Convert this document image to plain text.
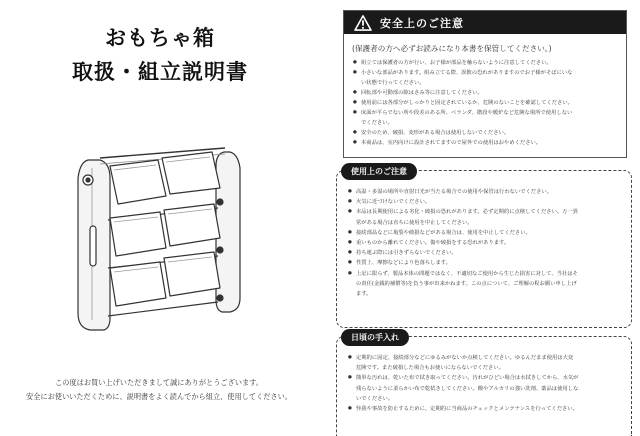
おもちゃ箱
取扱・組立説明書
この度はお買い上げいただきまして誠にありがとうございます。
安全にお使いいただくために、説明書をよく読んでから組立、使用してください。
安全上のご注意
(保護者の方へ必ずお読みになり本書を保管してください。)
● 組立ては保護者の方が行い、お子様が部品を触らないように注意してください。
● 小さいな部品があります。組み立てる際、誤飲の恐れがありますのでお子様がそばにいな
い状態で行ってください。
● 回転部や可動部の隙はさみ等に注意してください。
● 使用前には各部分がしっかりと固定されているか、危険のないことを確認してください。
● 床面が平らでない所や段差のある所、ベランダ、階段や暖炉など危険な場所で使用しない
でください。
● 安全のため、破損、変形がある場合は使用しないでください。
● 本商品は、室内向けに設計されてますので屋外での使用はおやめください。
使用上のご注意
● 高温・多湿の場所や直射日光が当たる場合での使用や保管は行わないでください。
● 火気に近づけないでください。
● 本品は長期使用による劣化・破損の恐れがあります。必ず定期的に点検してください。万一異
常がある場合は直ちに使用を中止してください。
● 接続部品などに亀裂や破損などがある場合は、使用を中止してください。
● 重いものから離れてください。傷や破損をする恐れがあります。
● 持ち運ぶ際には引きずらないでください。
● 性質上、摩擦などにより色落ちします。
● 上記に限らず、製品本体の問題ではなく、不適切なご使用から生じた損害に対して、当社はそ
の責任(金銭的補償等)を負う事が出来かねます。この点について、ご理解の程お願い申し上げ
ます。
日頃の手入れ
● 定期的に固定、接続部分などにゆるみがないか点検してください。ゆるんだまま使用は大変
危険です。また破損した場合もお使いにならないでください。
● 簡単な汚れは、乾いた布で拭き取ってください。汚れがひどい場合は水拭きしてから、水気が
残らないように柔らかい布で乾拭きしてください。酸やアルカリの強い洗剤、薬品は使用しな
いでください。
● 怪我や事故を防止するために、定期的に当商品のチェックとメンテナンスを行ってください。
